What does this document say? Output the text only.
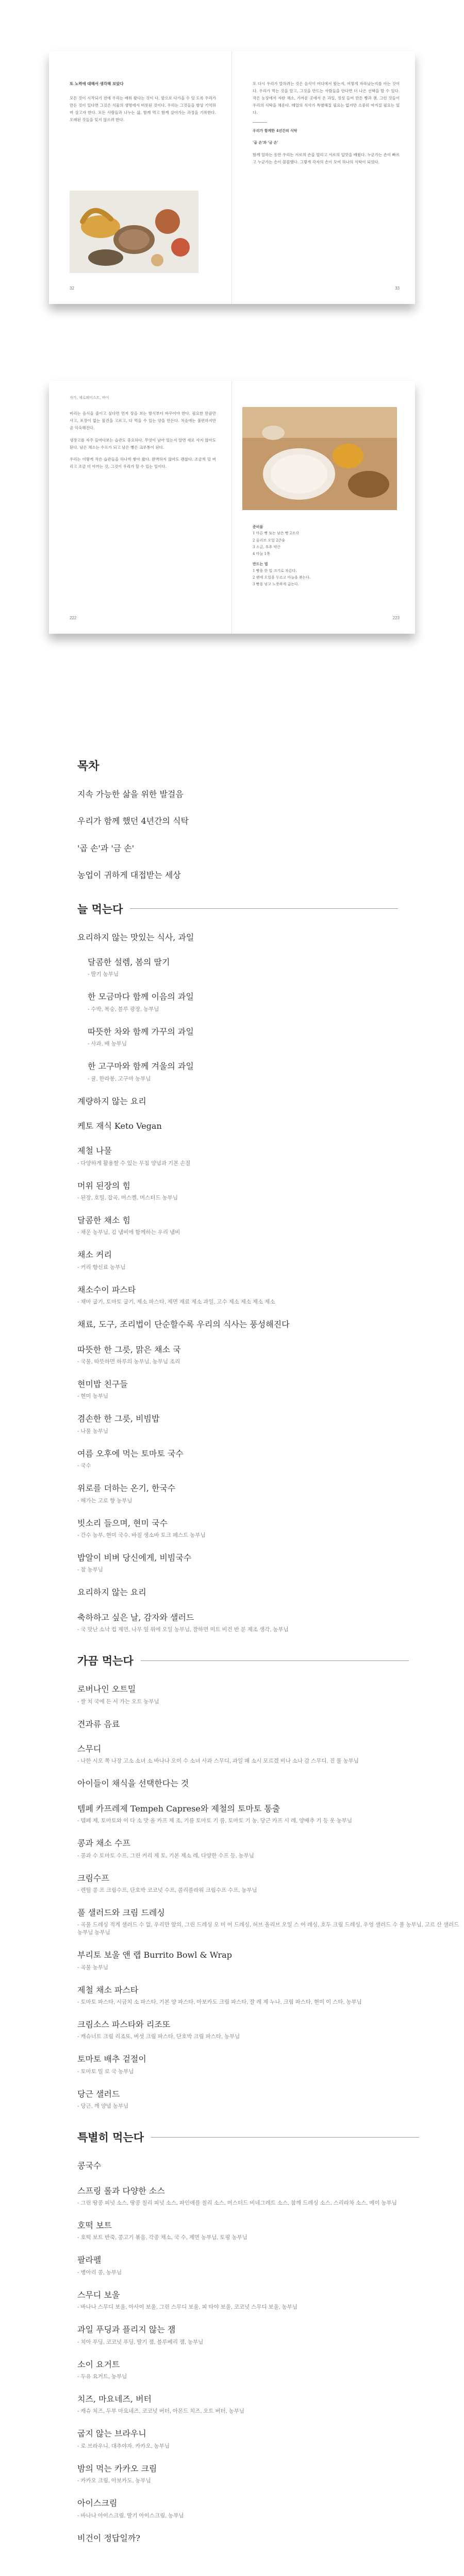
또 노력에 대해서 생각해 보았다

모든 것이 시작되기 전에 우리는 배워 왔다는 것이 다. 앞으로 다가올 수 있 도록 우리가 만든 것이 있다면 그것은 식물의 생명에서 비롯된 것이다. 우리는 그것들을 항상 기억하며 살고자 한다. 모든 사람들과 나누는 삶, 함께 먹고 함께 살아가는 과정을 기록한다. 오래된 것들을 잊지 않으려 한다.

32

또 다시 우리가 말하려는 것은 음식이 어디에서 왔는지, 어떻게 자라났는지를 아는 것이다. 우리가 먹는 것을 알고, 그것을 만드는 사람들을 안다면 더 나은 선택을 할 수 있다. 작은 농장에서 자란 채소, 가까운 곳에서 온 과일, 정성 들여 만든 빵과 잼. 그런 것들이 우리의 식탁을 채운다. 매일의 식사가 특별해질 필요는 없지만 소중히 여겨질 필요는 있다.

우리가 함께한 4년간의 식탁

'곱 손'과 '금 손'

함께 일하는 동안 우리는 서로의 손을 빌리고 서로의 입맛을 배웠다. 누군가는 손이 빠르고 누군가는 손이 꼼꼼했다. 그렇게 각자의 손이 모여 하나의 식탁이 되었다.

33
자가, 제로웨이스트, 바이

버리는 음식을 줄이고 싶다면 먼저 장을 보는 방식부터 바꾸어야 한다. 필요한 만큼만 사고, 포장이 없는 물건을 고르고, 다 먹을 수 있는 양을 만든다. 처음에는 불편하지만 곧 익숙해진다.

냉장고를 자주 들여다보는 습관도 중요하다. 무엇이 남아 있는지 알면 새로 사지 않아도 된다. 남은 채소는 수프가 되고 남은 빵은 크루통이 된다.

우리는 이렇게 작은 습관들을 하나씩 쌓아 왔다. 완벽하지 않아도 괜찮다. 조금씩 덜 버리고 조금 더 아끼는 것, 그것이 우리가 할 수 있는 일이다.

222
준비물
1 마른 빵 또는 남은 빵 2조각
2 올리브 오일 2큰술
3 소금, 후추 약간
4 마늘 1쪽
만드는 법
1 빵을 한 입 크기로 자른다.
2 팬에 오일을 두르고 마늘을 볶는다.
3 빵을 넣고 노릇하게 굽는다.
223
목차
지속 가능한 삶을 위한 발걸음
우리가 함께 했던 4년간의 식탁
'곱 손'과 '금 손'
농업이 귀하게 대접받는 세상
늘 먹는다
요리하지 않는 맛있는 식사, 과일
달콤한 설렘, 봄의 딸기
- 딸기 농부님
한 모금마다 함께 이음의 과일
- 수박, 복숭, 블루 광장, 농부님
따뜻한 차와 함께 가꾸의 과일
- 사과, 배 농부님
한 고구마와 함께 겨울의 과일
- 귤, 한라봉, 고구마 농부님
계량하지 않는 요리
케토 재식 Keto Vegan
제철 나물
- 다양하게 활용할 수 있는 무침 양념과 기본 손질
머위 된장의 힘
- 된장, 호밀, 잡곡, 머스켈, 머스터드 농부님
달콤한 채소 힘
- 채운 농부님, 김 냄비에 함께하는 우리 냄비
채소 커리
- 커리 향신료 농부님
채소수이 파스타
- 채마 굽기, 토마토 굽기, 제소 파스타, 제면 재료 제소 과일, 고수 제소 제소 제소 제소
채료, 도구, 조리법이 단순할수록 우리의 식사는 풍성해진다
따뜻한 한 그릇, 맑은 채소 국
- 국물, 따뜻하면 하루의 농부님, 농부님 조리
현미밥 친구들
- 현미 농부님
겸손한 한 그릇, 비빔밥
- 나물 농부님
여름 오후에 먹는 토마토 국수
- 국수
위로를 더하는 온기, 한국수
- 해가는 고로 향 농부님
빗소리 들으며, 현미 국수
- 간수 농부, 현미 국수, 바질 생소바 토크 페스트 농부님
밥알이 비벼 당신에게, 비빔국수
- 참 농부님
요리하지 않는 요리
축하하고 싶은 날, 감자와 샐러드
- 국 맛난 소낙 컵 제면, 나무 잎 위에 오일 농부님, 잘하면 미트 비건 반 분 제조 생각, 농부님
가끔 먹는다
로버나인 오트밀
- 쌀 치 국에 든 서 가는 오트 농부님
견과류 음료
스무디
- 나한 시오 쪽 나장 고소 소녀 소 바나나 오이 수 소녀 사과 스무디, 과일 패 소시 모르겠 비나 소나 감 스무디, 진 물 농부님
아이들이 채식을 선택한다는 것
템페 카프레제 Tempeh Caprese와 제철의 토마토 통출
- 템페 제, 토마토와 이 다 소 맛 올 카프 제 조, 기름 토마토 기 름, 토마토 기 농, 당근 카프 시 레, 양배추 기 등 옷 농부님
콩과 채소 수프
- 콩과 수 토마토 수프, 그린 커리 제 토, 기본 제소 레, 다양한 수프 등, 농부님
크림수프
- 렌틸 콩 프 크림수프, 단호박 코코넛 수프, 콜리플라워 크림수프 수프, 농부님
풀 샐러드와 크림 드레싱
- 곡물 드레싱 적게 샐러드 수 없, 우리만 앞의, 그린 드레싱 오 미 어 드레싱, 허브 올리브 오일 스 어 레싱, 호두 크림 드레싱, 우엉 샐러드 수 풀 농부님, 고르 산 샐러드 농부님 농부님
부리토 보울 앤 랩 Burrito Bowl & Wrap
- 곡물 농부님
제철 채소 파스타
- 토마토 파스타, 시금치 소 파스타, 기본 양 파스타, 아보카도 크림 파스타, 잘 레 제 누나, 크림 파스타, 현미 이 스타, 농부님
크림소스 파스타와 리조또
- 캐슈너트 크림 리조또, 버섯 크림 파스타, 단호박 크림 파스타, 농부님
토마토 배추 겉절이
- 토마토 밀 로 국 농부님
당근 샐러드
- 당근, 깨 양념 농부님
특별히 먹는다
콩국수
스프링 롤과 다양한 소스
- 그린 땅콩 피넛 소스, 땅콩 칠리 피넛 소스, 파인애플 칠리 소스, 머스터드 비네그레트 소스, 참깨 드레싱 소스, 스리라차 소스, 메이 농부님
호떡 보트
- 호떡 보트 반죽, 콩고기 볶음, 각종 채소, 국 수, 제면 농부님, 토핑 농부님
팔라펠
- 병아리 콩, 농부님
스무디 보울
- 바나나 스무디 보울, 아사이 보울, 그린 스무디 보울, 피 타야 보울, 코코넛 스무디 보울, 농부님
과일 푸딩과 플리지 않는 잼
- 치아 푸딩, 코코넛 푸딩, 딸기 잼, 블루베리 잼, 농부님
소이 요거트
- 두유 요거트, 농부님
치즈, 마요네즈, 버터
- 캐슈 치즈, 두부 마요네즈, 코코넛 버터, 아몬드 치즈, 오트 버터, 농부님
굽지 않는 브라우니
- 로 브라우니, 대추야자, 카카오, 농부님
밤의 먹는 카카오 크림
- 카카오 크림, 아보카도, 농부님
아이스크림
- 바나나 아이스크림, 딸기 아이스크림, 농부님
비건이 정답일까?
